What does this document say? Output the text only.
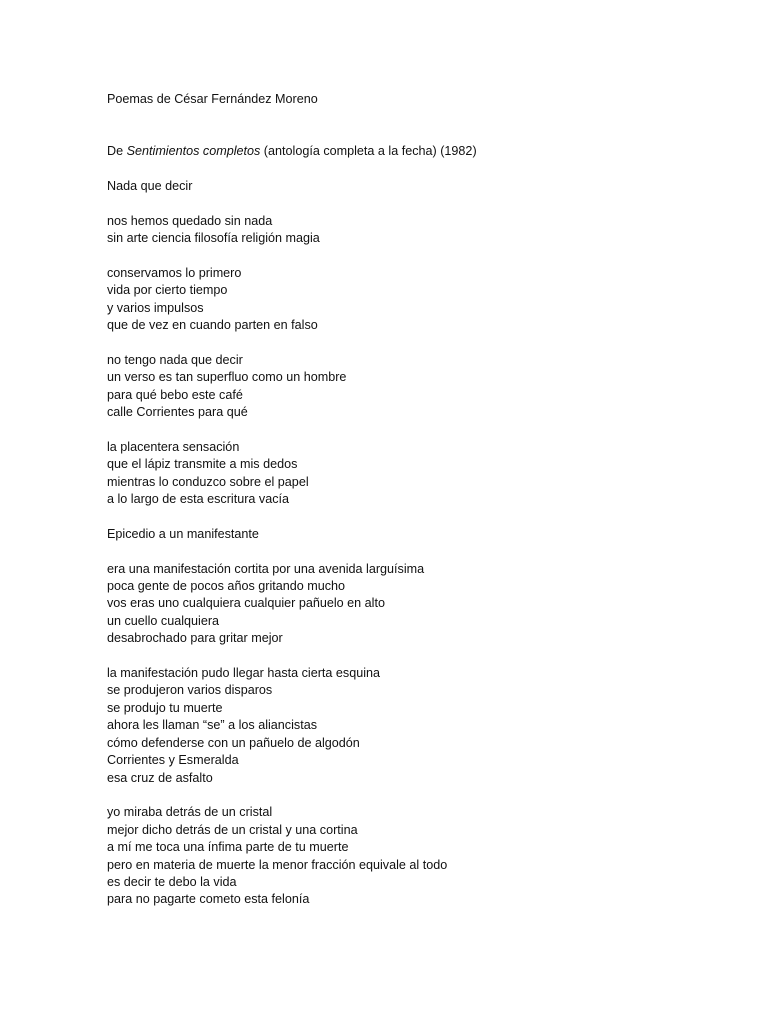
Poemas de César Fernández Moreno

De Sentimientos completos (antología completa a la fecha) (1982)

Nada que decir

nos hemos quedado sin nada

sin arte ciencia filosofía religión magia

conservamos lo primero

vida por cierto tiempo

y varios impulsos

que de vez en cuando parten en falso

no tengo nada que decir

un verso es tan superfluo como un hombre

para qué bebo este café

calle Corrientes para qué

la placentera sensación

que el lápiz transmite a mis dedos

mientras lo conduzco sobre el papel

a lo largo de esta escritura vacía

Epicedio a un manifestante

era una manifestación cortita por una avenida larguísima

poca gente de pocos años gritando mucho

vos eras uno cualquiera cualquier pañuelo en alto

un cuello cualquiera

desabrochado para gritar mejor

la manifestación pudo llegar hasta cierta esquina

se produjeron varios disparos

se produjo tu muerte

ahora les llaman “se” a los aliancistas

cómo defenderse con un pañuelo de algodón

Corrientes y Esmeralda

esa cruz de asfalto

yo miraba detrás de un cristal

mejor dicho detrás de un cristal y una cortina

a mí me toca una ínfima parte de tu muerte

pero en materia de muerte la menor fracción equivale al todo

es decir te debo la vida

para no pagarte cometo esta felonía
